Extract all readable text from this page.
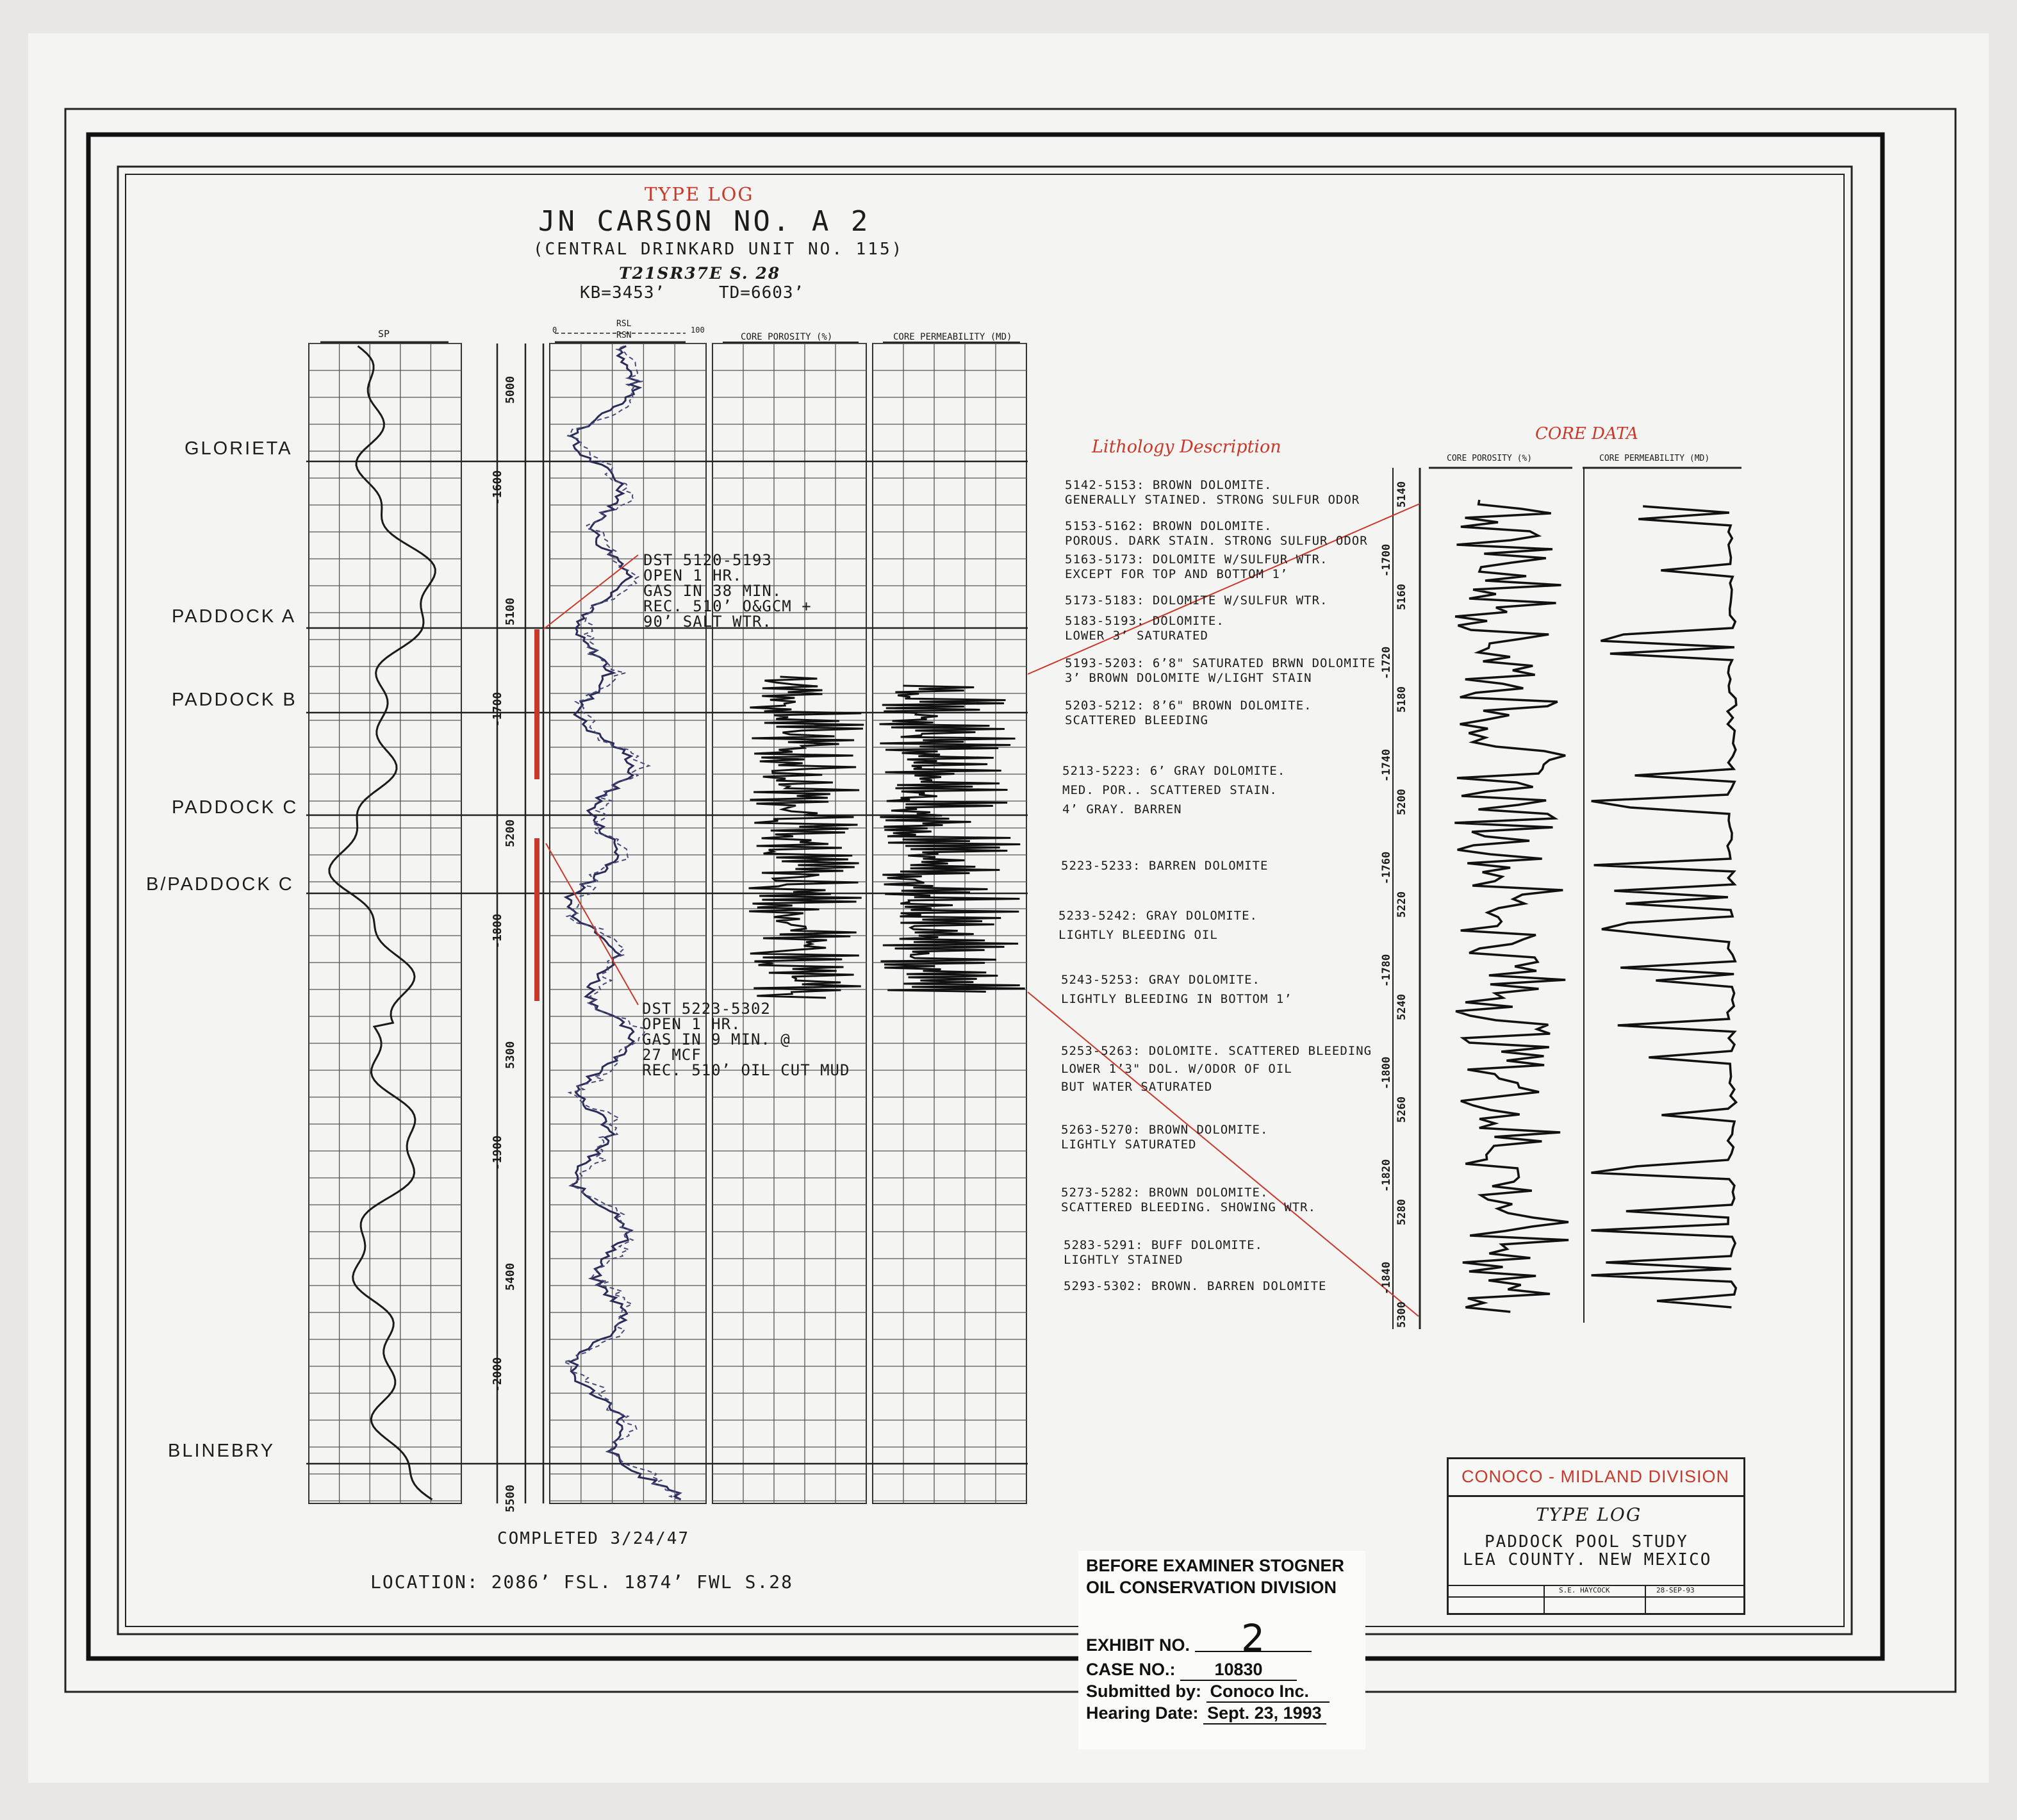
TYPE LOG
JN CARSON NO. A 2
(CENTRAL DRINKARD UNIT NO. 115)
T21SR37E S. 28
KB=3453’	TD=6603’
SP
RSL
RSN
0	100
CORE POROSITY (%)	CORE PERMEABILITY (MD)
5000
5100
5200
5300
5400
5500
-1600
-1700
-1800
-1900
-2000
GLORIETA
PADDOCK A
PADDOCK B
PADDOCK C
B/PADDOCK C
BLINEBRY
DST 5120-5193
OPEN 1 HR.
GAS IN 38 MIN.
REC. 510’ O&GCM +
90’ SALT WTR.
DST 5223-5302
OPEN 1 HR.
GAS IN 9 MIN. @
27 MCF
REC. 510’ OIL CUT MUD
Lithology Description
5142-5153: BROWN DOLOMITE.
GENERALLY STAINED. STRONG SULFUR ODOR
5153-5162: BROWN DOLOMITE.
POROUS. DARK STAIN. STRONG SULFUR ODOR
5163-5173: DOLOMITE W/SULFUR WTR.
EXCEPT FOR TOP AND BOTTOM 1’
5173-5183: DOLOMITE W/SULFUR WTR.
5183-5193: DOLOMITE.
LOWER 3’ SATURATED
5193-5203: 6’8" SATURATED BRWN DOLOMITE
3’ BROWN DOLOMITE W/LIGHT STAIN
5203-5212: 8’6" BROWN DOLOMITE.
SCATTERED BLEEDING
5213-5223: 6’ GRAY DOLOMITE.
MED. POR.. SCATTERED STAIN.
4’ GRAY. BARREN
5223-5233: BARREN DOLOMITE
5233-5242: GRAY DOLOMITE.
LIGHTLY BLEEDING OIL
5243-5253: GRAY DOLOMITE.
LIGHTLY BLEEDING IN BOTTOM 1’
5253-5263: DOLOMITE. SCATTERED BLEEDING
LOWER 1’3" DOL. W/ODOR OF OIL
BUT WATER SATURATED
5263-5270: BROWN DOLOMITE.
LIGHTLY SATURATED
5273-5282: BROWN DOLOMITE.
SCATTERED BLEEDING. SHOWING WTR.
5283-5291: BUFF DOLOMITE.
LIGHTLY STAINED
5293-5302: BROWN. BARREN DOLOMITE
CORE DATA
CORE POROSITY (%)	CORE PERMEABILITY (MD)
5140
5160
5180
5200
5220
5240
5260
5280
5300
-1700
-1720
-1740
-1760
-1780
-1800
-1820
-1840
COMPLETED 3/24/47
LOCATION: 2086’ FSL. 1874’ FWL S.28
CONOCO - MIDLAND DIVISION
TYPE LOG
PADDOCK POOL STUDY
LEA COUNTY. NEW MEXICO
S.E. HAYCOCK	28-SEP-93
BEFORE EXAMINER STOGNER
OIL CONSERVATION DIVISION
EXHIBIT NO. 2
CASE NO.: 10830
Submitted by: Conoco Inc.
Hearing Date: Sept. 23, 1993
